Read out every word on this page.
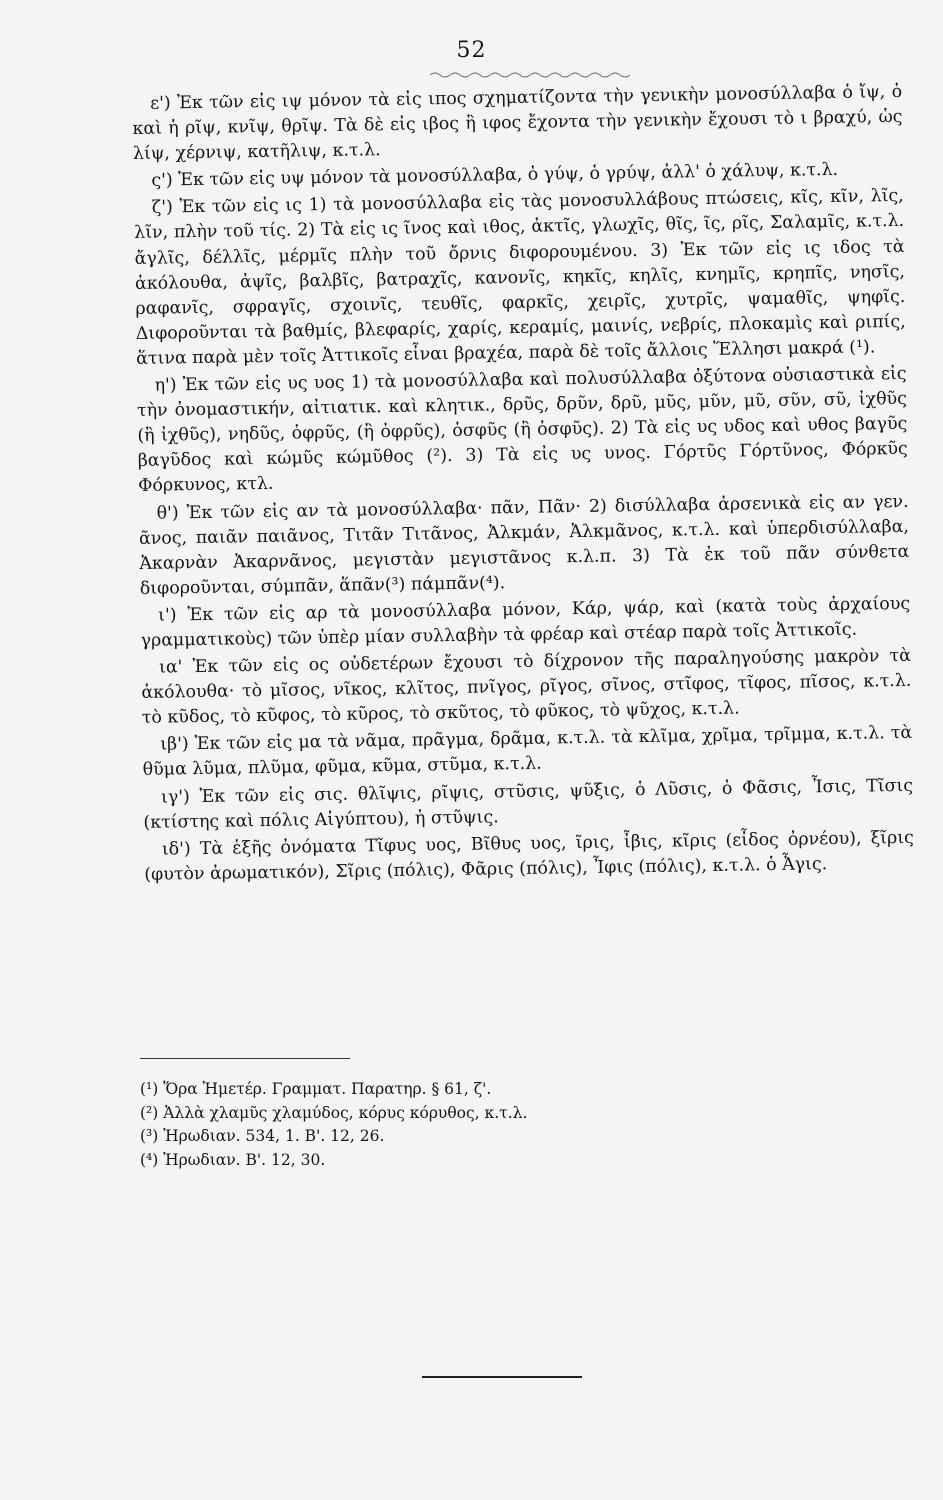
52

ε') Ἐκ τῶν εἰς ιψ μόνον τὰ εἰς ιπος σχηματίζοντα τὴν γενικὴν μονοσύλλαβα ὁ ἴψ, ὁ καὶ ἡ ρῖψ, κνῖψ, θρῖψ. Τὰ δὲ εἰς ιβος ἢ ιφος ἔχοντα τὴν γενικὴν ἔχουσι τὸ ι βραχύ, ὡς λίψ, χέρνιψ, κατῆλιψ, κ.τ.λ.

ς') Ἐκ τῶν εἰς υψ μόνον τὰ μονοσύλλαβα, ὁ γύψ, ὁ γρύψ, ἀλλ' ὁ χάλυψ, κ.τ.λ.

ζ') Ἐκ τῶν εἰς ις 1) τὰ μονοσύλλαβα εἰς τὰς μονοσυλλάβους πτώσεις, κῖς, κῖν, λῖς, λῖν, πλὴν τοῦ τίς. 2) Τὰ εἰς ις ῖνος καὶ ιθος, ἀκτῖς, γλωχῖς, θῖς, ῖς, ρῖς, Σαλαμῖς, κ.τ.λ. ἄγλῖς, δέλλῖς, μέρμῖς πλὴν τοῦ ὄρνις διφορουμένου. 3) Ἐκ τῶν εἰς ις ιδος τὰ ἀκόλουθα, ἀψῖς, βαλβῖς, βατραχῖς, κανονῖς, κηκῖς, κηλῖς, κνημῖς, κρηπῖς, νησῖς, ραφανῖς, σφραγῖς, σχοινῖς, τευθῖς, φαρκῖς, χειρῖς, χυτρῖς, ψαμαθῖς, ψηφῖς. Διφοροῦνται τὰ βαθμίς, βλεφαρίς, χαρίς, κεραμίς, μαινίς, νεβρίς, πλοκαμὶς καὶ ριπίς, ἅτινα παρὰ μὲν τοῖς Ἀττικοῖς εἶναι βραχέα, παρὰ δὲ τοῖς ἄλλοις Ἕλλησι μακρά (¹).

η') Ἐκ τῶν εἰς υς υος 1) τὰ μονοσύλλαβα καὶ πολυσύλλαβα ὀξύτονα οὐσιαστικὰ εἰς τὴν ὀνομαστικήν, αἰτιατικ. καὶ κλητικ., δρῦς, δρῦν, δρῦ, μῦς, μῦν, μῦ, σῦν, σῦ, ἰχθῦς (ἢ ἰχθῦς), νηδῦς, ὀφρῦς, (ἢ ὀφρῦς), ὀσφῦς (ἢ ὀσφῦς). 2) Τὰ εἰς υς υδος καὶ υθος βαγῦς βαγῦδος καὶ κώμῦς κώμῦθος (²). 3) Τὰ εἰς υς υνος. Γόρτῦς Γόρτῦνος, Φόρκῦς Φόρκυνος, κτλ.

θ') Ἐκ τῶν εἰς αν τὰ μονοσύλλαβα· πᾶν, Πᾶν· 2) δισύλλαβα ἀρσενικὰ εἰς αν γεν. ᾶνος, παιᾶν παιᾶνος, Τιτᾶν Τιτᾶνος, Ἀλκμάν, Ἀλκμᾶνος, κ.τ.λ. καὶ ὑπερδισύλλαβα, Ἀκαρνὰν Ἀκαρνᾶνος, μεγιστὰν μεγιστᾶνος κ.λ.π. 3) Τὰ ἐκ τοῦ πᾶν σύνθετα διφοροῦνται, σύμπᾶν, ἅπᾶν(³) πάμπᾶν(⁴).

ι') Ἐκ τῶν εἰς αρ τὰ μονοσύλλαβα μόνον, Κάρ, ψάρ, καὶ (κατὰ τοὺς ἀρχαίους γραμματικοὺς) τῶν ὑπὲρ μίαν συλλαβὴν τὰ φρέαρ καὶ στέαρ παρὰ τοῖς Ἀττικοῖς.

ια' Ἐκ τῶν εἰς ος οὐδετέρων ἔχουσι τὸ δίχρονον τῆς παραληγούσης μακρὸν τὰ ἀκόλουθα· τὸ μῖσος, νῖκος, κλῖτος, πνῖγος, ρῖγος, σῖνος, στῖφος, τῖφος, πῖσος, κ.τ.λ. τὸ κῦδος, τὸ κῦφος, τὸ κῦρος, τὸ σκῦτος, τὸ φῦκος, τὸ ψῦχος, κ.τ.λ.

ιβ') Ἐκ τῶν εἰς μα τὰ νᾶμα, πρᾶγμα, δρᾶμα, κ.τ.λ. τὰ κλῖμα, χρῖμα, τρῖμμα, κ.τ.λ. τὰ θῦμα λῦμα, πλῦμα, φῦμα, κῦμα, στῦμα, κ.τ.λ.

ιγ') Ἐκ τῶν εἰς σις. θλῖψις, ρῖψις, στῦσις, ψῦξις, ὁ Λῦσις, ὁ Φᾶσις, Ἶσις, Τῖσις (κτίστης καὶ πόλις Αἰγύπτου), ἡ στῦψις.

ιδ') Τὰ ἑξῆς ὀνόματα Τῖφυς υος, Βῖθυς υος, ῖρις, ἶβις, κῖρις (εἶδος ὀρνέου), ξῖρις (φυτὸν ἀρωματικόν), Σῖρις (πόλις), Φᾶρις (πόλις), Ἶφις (πόλις), κ.τ.λ. ὁ Ἆγις.

(¹) Ὅρα Ἡμετέρ. Γραμματ. Παρατηρ. § 61, ζ'.
(²) Ἀλλὰ χλαμῦς χλαμύδος, κόρυς κόρυθος, κ.τ.λ.
(³) Ἡρωδιαν. 534, 1. Β'. 12, 26.
(⁴) Ἡρωδιαν. Β'. 12, 30.
